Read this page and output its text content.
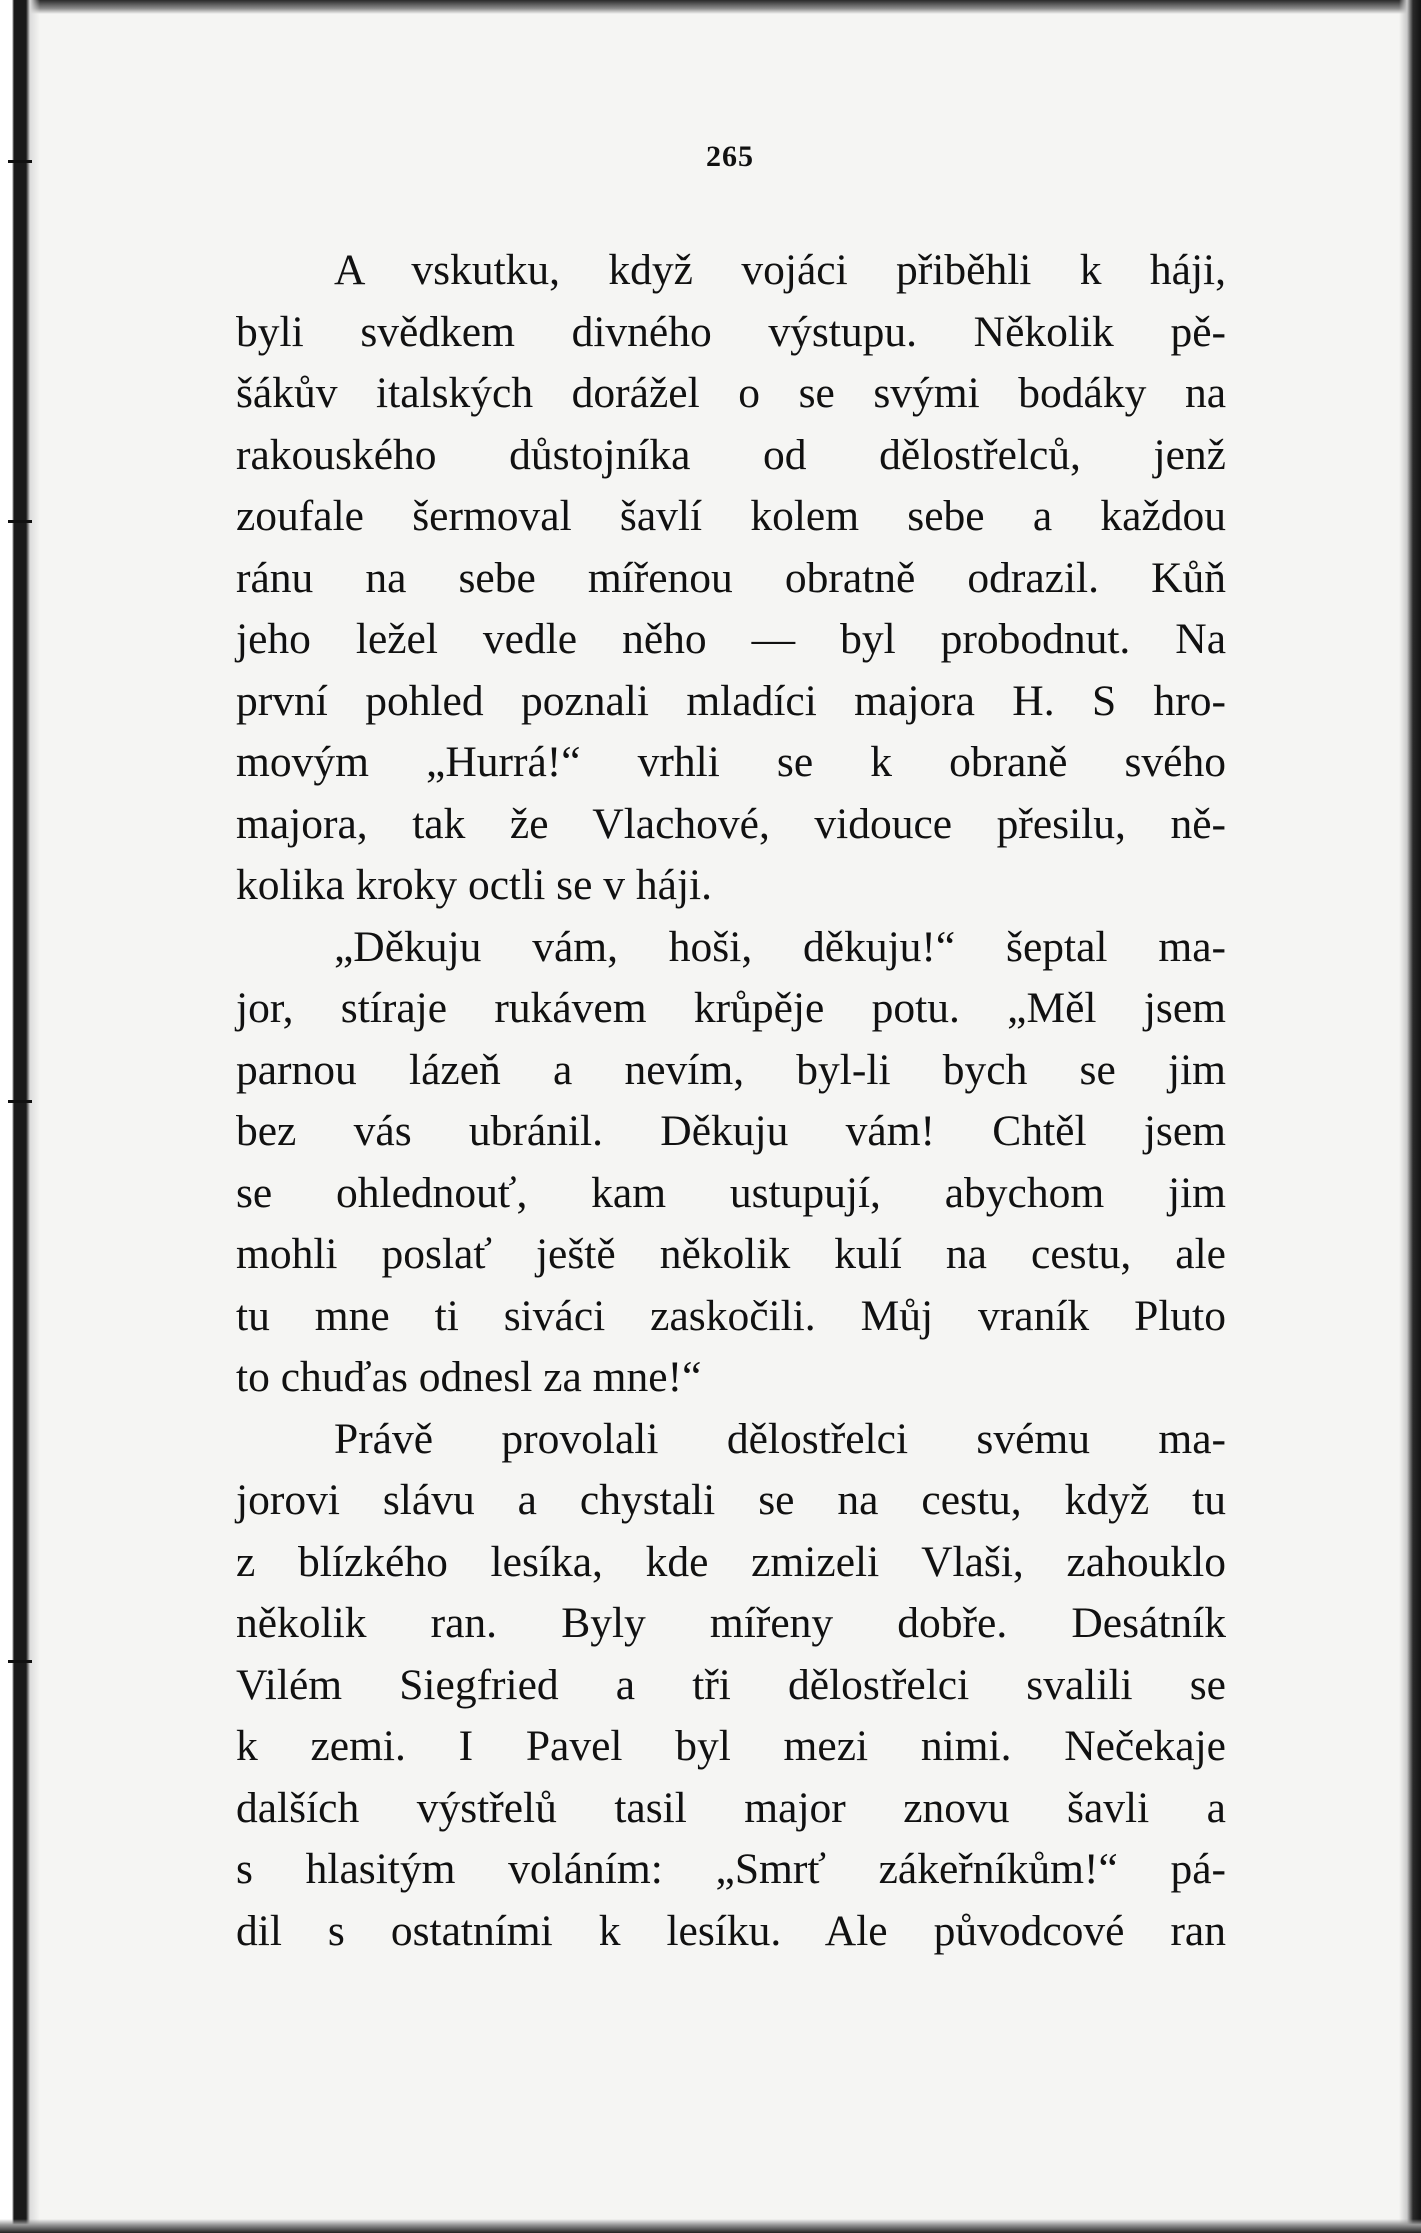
265
A vskutku, když vojáci přiběhli k háji,
byli svědkem divného výstupu. Několik pě-
šákův italských dorážel o se svými bodáky na
rakouského důstojníka od dělostřelců, jenž
zoufale šermoval šavlí kolem sebe a každou
ránu na sebe mířenou obratně odrazil. Kůň
jeho ležel vedle něho — byl probodnut. Na
první pohled poznali mladíci majora H. S hro-
movým „Hurrá!“ vrhli se k obraně svého
majora, tak že Vlachové, vidouce přesilu, ně-
kolika kroky octli se v háji.
„Děkuju vám, hoši, děkuju!“ šeptal ma-
jor, stíraje rukávem krůpěje potu. „Měl jsem
parnou lázeň a nevím, byl-li bych se jim
bez vás ubránil. Děkuju vám! Chtěl jsem
se ohlednouť, kam ustupují, abychom jim
mohli poslať ještě několik kulí na cestu, ale
tu mne ti siváci zaskočili. Můj vraník Pluto
to chuďas odnesl za mne!“
Právě provolali dělostřelci svému ma-
jorovi slávu a chystali se na cestu, když tu
z blízkého lesíka, kde zmizeli Vlaši, zahouklo
několik ran. Byly mířeny dobře. Desátník
Vilém Siegfried a tři dělostřelci svalili se
k zemi. I Pavel byl mezi nimi. Nečekaje
dalších výstřelů tasil major znovu šavli a
s hlasitým voláním: „Smrť zákeřníkům!“ pá-
dil s ostatními k lesíku. Ale původcové ran
